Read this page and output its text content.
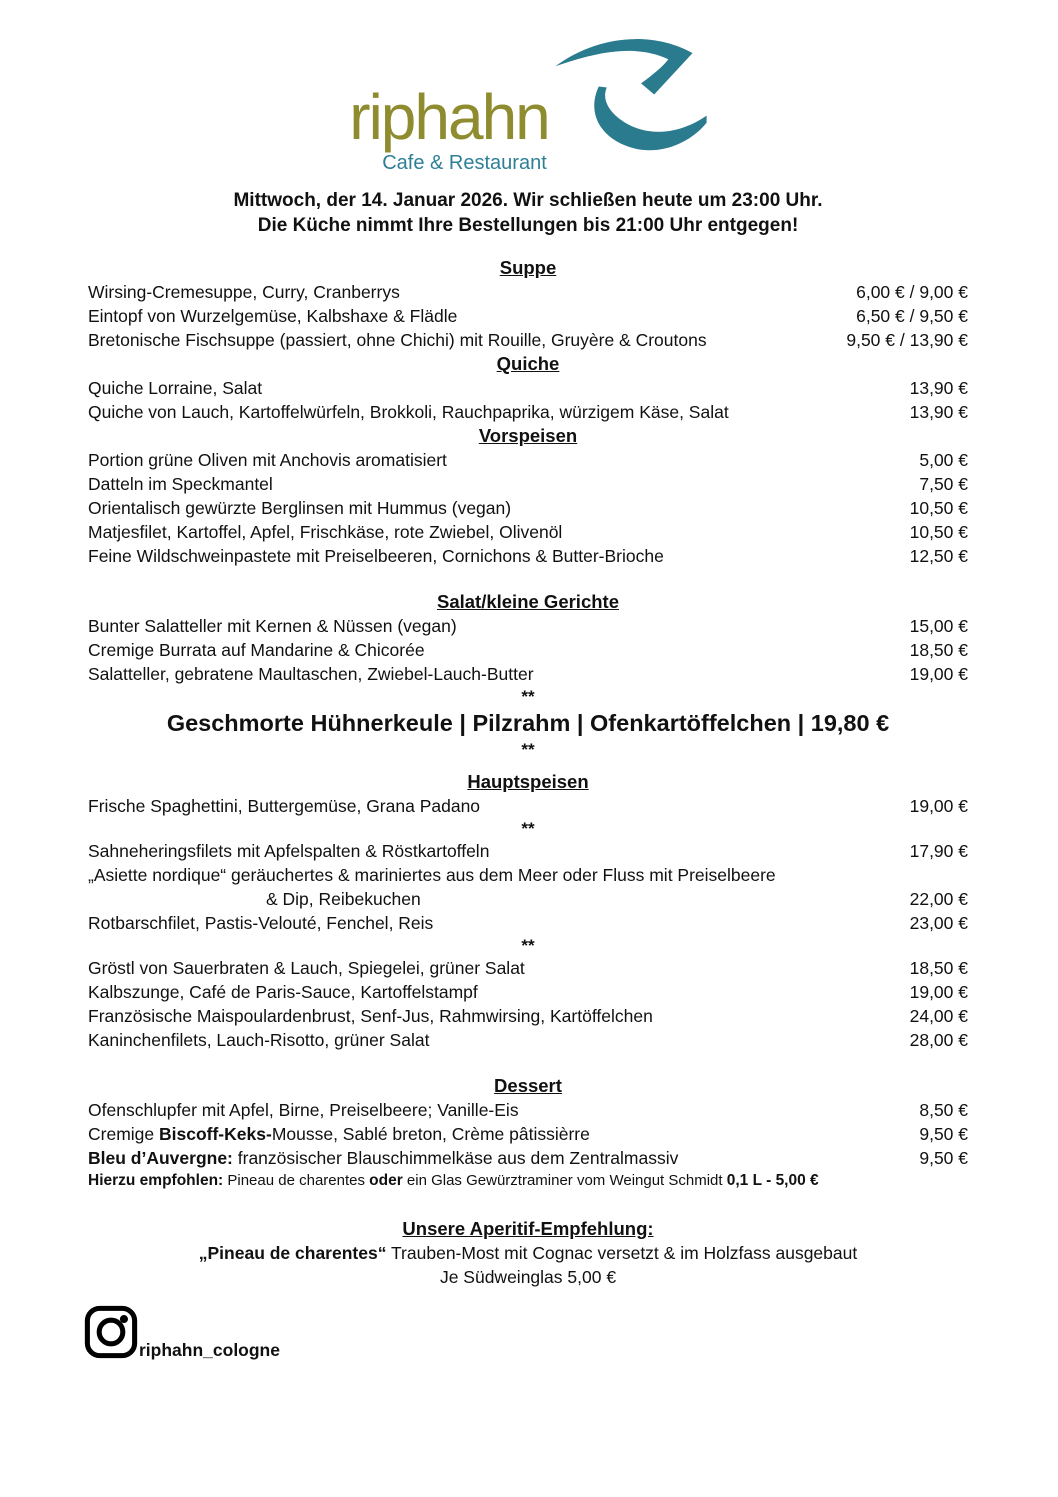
riphahn
Cafe & Restaurant
Mittwoch, der 14. Januar 2026. Wir schließen heute um 23:00 Uhr.
Die Küche nimmt Ihre Bestellungen bis 21:00 Uhr entgegen!
Suppe
Wirsing-Cremesuppe, Curry, Cranberrys	6,00 € / 9,00 €
Eintopf von Wurzelgemüse, Kalbshaxe & Flädle	6,50 € / 9,50 €
Bretonische Fischsuppe (passiert, ohne Chichi) mit Rouille, Gruyère & Croutons	9,50 € / 13,90 €
Quiche
Quiche Lorraine, Salat	13,90 €
Quiche von Lauch, Kartoffelwürfeln, Brokkoli, Rauchpaprika, würzigem Käse, Salat	13,90 €
Vorspeisen
Portion grüne Oliven mit Anchovis aromatisiert	5,00 €
Datteln im Speckmantel	7,50 €
Orientalisch gewürzte Berglinsen mit Hummus (vegan)	10,50 €
Matjesfilet, Kartoffel, Apfel, Frischkäse, rote Zwiebel, Olivenöl	10,50 €
Feine Wildschweinpastete mit Preiselbeeren, Cornichons & Butter-Brioche	12,50 €
Salat/kleine Gerichte
Bunter Salatteller mit Kernen & Nüssen (vegan)	15,00 €
Cremige Burrata auf Mandarine & Chicorée	18,50 €
Salatteller, gebratene Maultaschen, Zwiebel-Lauch-Butter	19,00 €
**
Geschmorte Hühnerkeule | Pilzrahm | Ofenkartöffelchen | 19,80 €
**
Hauptspeisen
Frische Spaghettini, Buttergemüse, Grana Padano	19,00 €
**
Sahneheringsfilets mit Apfelspalten & Röstkartoffeln	17,90 €
„Asiette nordique“ geräuchertes & mariniertes aus dem Meer oder Fluss mit Preiselbeere
& Dip, Reibekuchen	22,00 €
Rotbarschfilet, Pastis-Velouté, Fenchel, Reis	23,00 €
**
Gröstl von Sauerbraten & Lauch, Spiegelei, grüner Salat	18,50 €
Kalbszunge, Café de Paris-Sauce, Kartoffelstampf	19,00 €
Französische Maispoulardenbrust, Senf-Jus, Rahmwirsing, Kartöffelchen	24,00 €
Kaninchenfilets, Lauch-Risotto, grüner Salat	28,00 €
Dessert
Ofenschlupfer mit Apfel, Birne, Preiselbeere; Vanille-Eis	8,50 €
Cremige Biscoff-Keks-Mousse, Sablé breton, Crème pâtissièrre	9,50 €
Bleu d’Auvergne: französischer Blauschimmelkäse aus dem Zentralmassiv	9,50 €
Hierzu empfohlen: Pineau de charentes oder ein Glas Gewürztraminer vom Weingut Schmidt 0,1 L - 5,00 €
Unsere Aperitif-Empfehlung:
„Pineau de charentes“ Trauben-Most mit Cognac versetzt & im Holzfass ausgebaut
Je Südweinglas 5,00 €
riphahn_cologne
